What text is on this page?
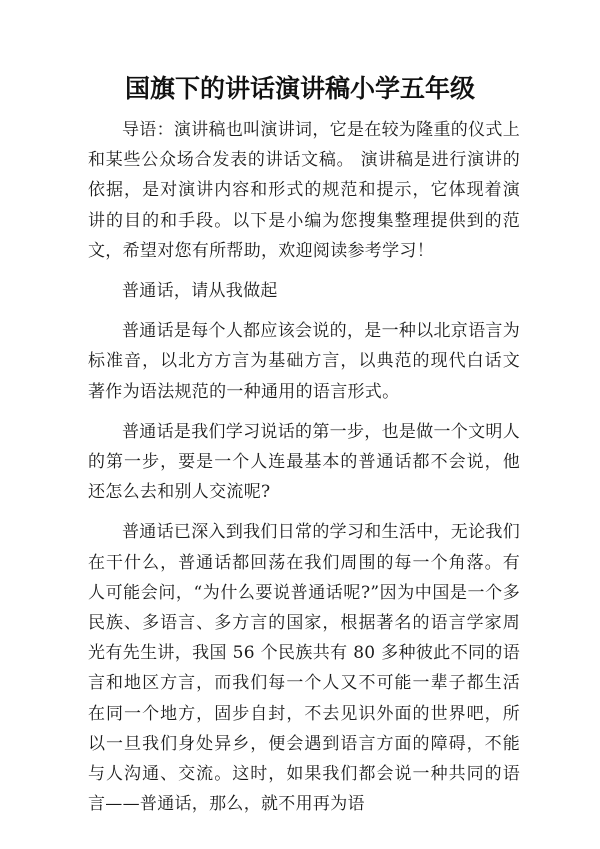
国旗下的讲话演讲稿小学五年级

导语：演讲稿也叫演讲词，它是在较为隆重的仪式上和某些公众场合发表的讲话文稿。 演讲稿是进行演讲的依据，是对演讲内容和形式的规范和提示，它体现着演讲的目的和手段。以下是小编为您搜集整理提供到的范文，希望对您有所帮助，欢迎阅读参考学习！

普通话，请从我做起

普通话是每个人都应该会说的，是一种以北京语言为标准音，以北方方言为基础方言，以典范的现代白话文著作为语法规范的一种通用的语言形式。

普通话是我们学习说话的第一步，也是做一个文明人的第一步，要是一个人连最基本的普通话都不会说，他还怎么去和别人交流呢?

普通话已深入到我们日常的学习和生活中，无论我们在干什么，普通话都回荡在我们周围的每一个角落。有人可能会问，“为什么要说普通话呢?”因为中国是一个多民族、多语言、多方言的国家，根据著名的语言学家周光有先生讲，我国 56 个民族共有 80 多种彼此不同的语言和地区方言，而我们每一个人又不可能一辈子都生活在同一个地方，固步自封，不去见识外面的世界吧，所以一旦我们身处异乡，便会遇到语言方面的障碍，不能与人沟通、交流。这时，如果我们都会说一种共同的语言——普通话，那么，就不用再为语
